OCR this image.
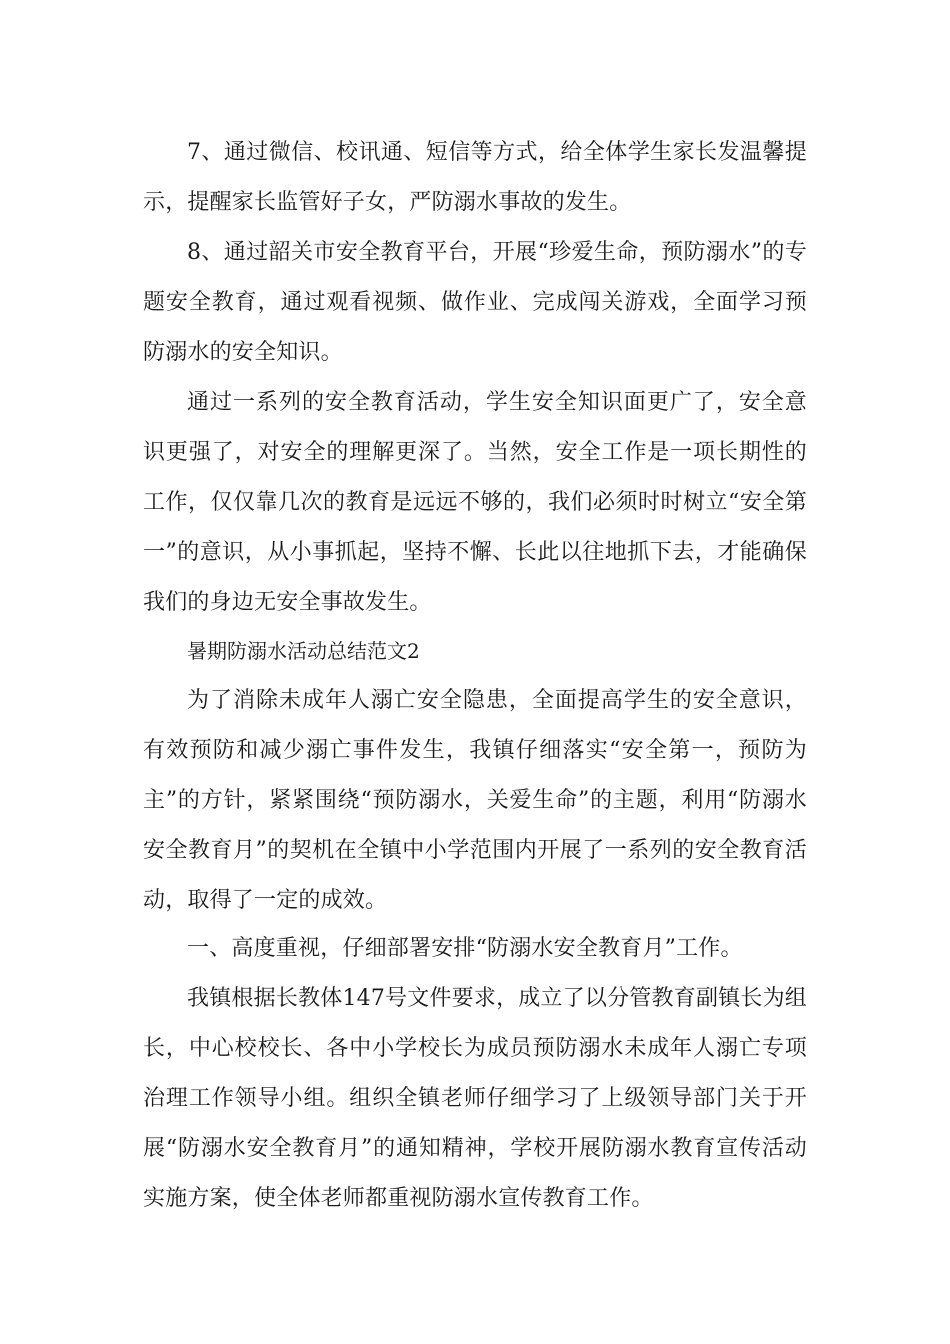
7、通过微信、校讯通、短信等方式，给全体学生家长发温馨提示，提醒家长监管好子女，严防溺水事故的发生。

8、通过韶关市安全教育平台，开展“珍爱生命，预防溺水”的专题安全教育，通过观看视频、做作业、完成闯关游戏，全面学习预防溺水的安全知识。

通过一系列的安全教育活动，学生安全知识面更广了，安全意识更强了，对安全的理解更深了。当然，安全工作是一项长期性的工作，仅仅靠几次的教育是远远不够的，我们必须时时树立“安全第一”的意识，从小事抓起，坚持不懈、长此以往地抓下去，才能确保我们的身边无安全事故发生。

暑期防溺水活动总结范文2

为了消除未成年人溺亡安全隐患，全面提高学生的安全意识，有效预防和减少溺亡事件发生，我镇仔细落实“安全第一，预防为主”的方针，紧紧围绕“预防溺水，关爱生命”的主题，利用“防溺水安全教育月”的契机在全镇中小学范围内开展了一系列的安全教育活动，取得了一定的成效。

一、高度重视，仔细部署安排“防溺水安全教育月”工作。

我镇根据长教体147号文件要求，成立了以分管教育副镇长为组长，中心校校长、各中小学校长为成员预防溺水未成年人溺亡专项治理工作领导小组。组织全镇老师仔细学习了上级领导部门关于开展“防溺水安全教育月”的通知精神，学校开展防溺水教育宣传活动实施方案，使全体老师都重视防溺水宣传教育工作。
